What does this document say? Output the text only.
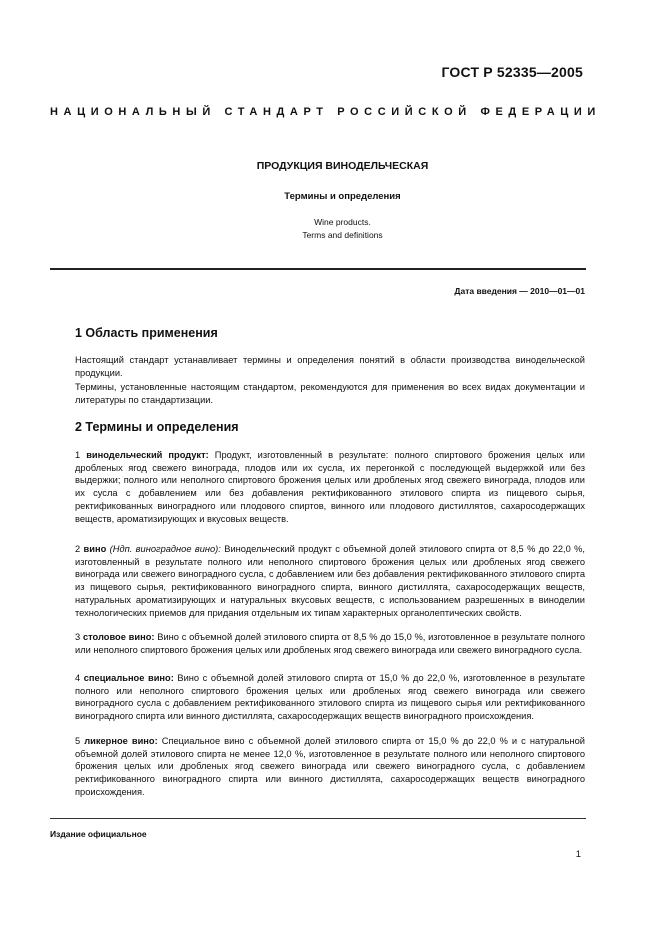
ГОСТ Р 52335—2005
НАЦИОНАЛЬНЫЙ СТАНДАРТ РОССИЙСКОЙ ФЕДЕРАЦИИ
ПРОДУКЦИЯ ВИНОДЕЛЬЧЕСКАЯ
Термины и определения
Wine products.
Terms and definitions
Дата введения — 2010—01—01
1 Область применения
Настоящий стандарт устанавливает термины и определения понятий в области производства винодельческой продукции.
Термины, установленные настоящим стандартом, рекомендуются для применения во всех видах документации и литературы по стандартизации.
2 Термины и определения
1 винодельческий продукт: Продукт, изготовленный в результате: полного спиртового брожения целых или дробленых ягод свежего винограда, плодов или их сусла, их перегонкой с последующей выдержкой или без выдержки; полного или неполного спиртового брожения целых или дробленых ягод свежего винограда, плодов или их сусла с добавлением или без добавления ректификованного этилового спирта из пищевого сырья, ректификованных виноградного или плодового спиртов, винного или плодового дистиллятов, сахаросодержащих веществ, ароматизирующих и вкусовых веществ.
2 вино (Ндп. виноградное вино): Винодельческий продукт с объемной долей этилового спирта от 8,5 % до 22,0 %, изготовленный в результате полного или неполного спиртового брожения целых или дробленых ягод свежего винограда или свежего виноградного сусла, с добавлением или без добавления ректификованного этилового спирта из пищевого сырья, ректификованного виноградного спирта, винного дистиллята, сахаросодержащих веществ, натуральных ароматизирующих и натуральных вкусовых веществ, с использованием разрешенных в виноделии технологических приемов для придания отдельным их типам характерных органолептических свойств.
3 столовое вино: Вино с объемной долей этилового спирта от 8,5 % до 15,0 %, изготовленное в результате полного или неполного спиртового брожения целых или дробленых ягод свежего винограда или свежего виноградного сусла.
4 специальное вино: Вино с объемной долей этилового спирта от 15,0 % до 22,0 %, изготовленное в результате полного или неполного спиртового брожения целых или дробленых ягод свежего винограда или свежего виноградного сусла с добавлением ректификованного этилового спирта из пищевого сырья или ректификованного виноградного спирта или винного дистиллята, сахаросодержащих веществ виноградного происхождения.
5 ликерное вино: Специальное вино с объемной долей этилового спирта от 15,0 % до 22,0 % и с натуральной объемной долей этилового спирта не менее 12,0 %, изготовленное в результате полного или неполного спиртового брожения целых или дробленых ягод свежего винограда или свежего виноградного сусла, с добавлением ректификованного виноградного спирта или винного дистиллята, сахаросодержащих веществ виноградного происхождения.
Издание официальное
1
